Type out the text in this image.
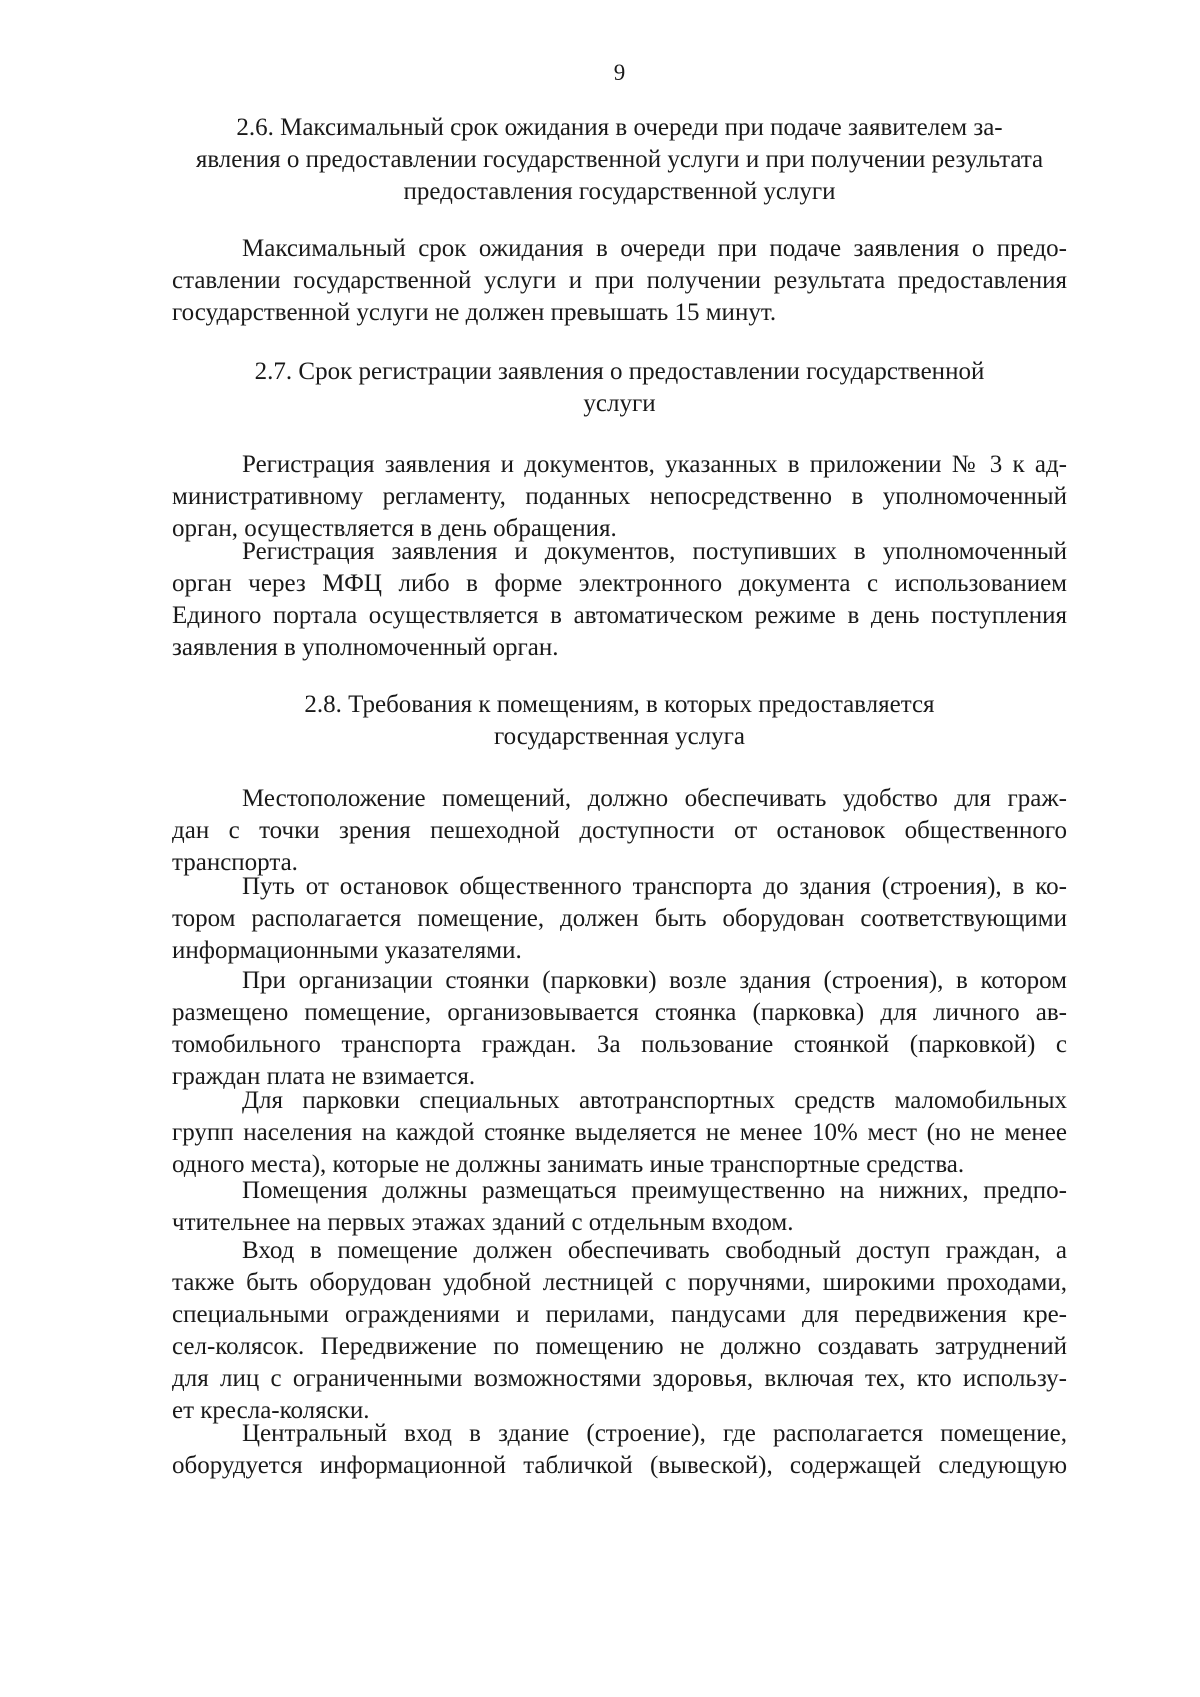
9
2.6. Максимальный срок ожидания в очереди при подаче заявителем за-
явления о предоставлении государственной услуги и при получении результата
предоставления государственной услуги
Максимальный срок ожидания в очереди при подаче заявления о предо-
ставлении государственной услуги и при получении результата предоставления
государственной услуги не должен превышать 15 минут.
2.7. Срок регистрации заявления о предоставлении государственной
услуги
Регистрация заявления и документов, указанных в приложении № 3 к ад-
министративному регламенту, поданных непосредственно в уполномоченный
орган, осуществляется в день обращения.
Регистрация заявления и документов, поступивших в уполномоченный
орган через МФЦ либо в форме электронного документа с использованием
Единого портала осуществляется в автоматическом режиме в день поступления
заявления в уполномоченный орган.
2.8. Требования к помещениям, в которых предоставляется
государственная услуга
Местоположение помещений, должно обеспечивать удобство для граж-
дан с точки зрения пешеходной доступности от остановок общественного
транспорта.
Путь от остановок общественного транспорта до здания (строения), в ко-
тором располагается помещение, должен быть оборудован соответствующими
информационными указателями.
При организации стоянки (парковки) возле здания (строения), в котором
размещено помещение, организовывается стоянка (парковка) для личного ав-
томобильного транспорта граждан. За пользование стоянкой (парковкой) с
граждан плата не взимается.
Для парковки специальных автотранспортных средств маломобильных
групп населения на каждой стоянке выделяется не менее 10% мест (но не менее
одного места), которые не должны занимать иные транспортные средства.
Помещения должны размещаться преимущественно на нижних, предпо-
чтительнее на первых этажах зданий с отдельным входом.
Вход в помещение должен обеспечивать свободный доступ граждан, а
также быть оборудован удобной лестницей с поручнями, широкими проходами,
специальными ограждениями и перилами, пандусами для передвижения кре-
сел-колясок. Передвижение по помещению не должно создавать затруднений
для лиц с ограниченными возможностями здоровья, включая тех, кто использу-
ет кресла-коляски.
Центральный вход в здание (строение), где располагается помещение,
оборудуется информационной табличкой (вывеской), содержащей следующую
